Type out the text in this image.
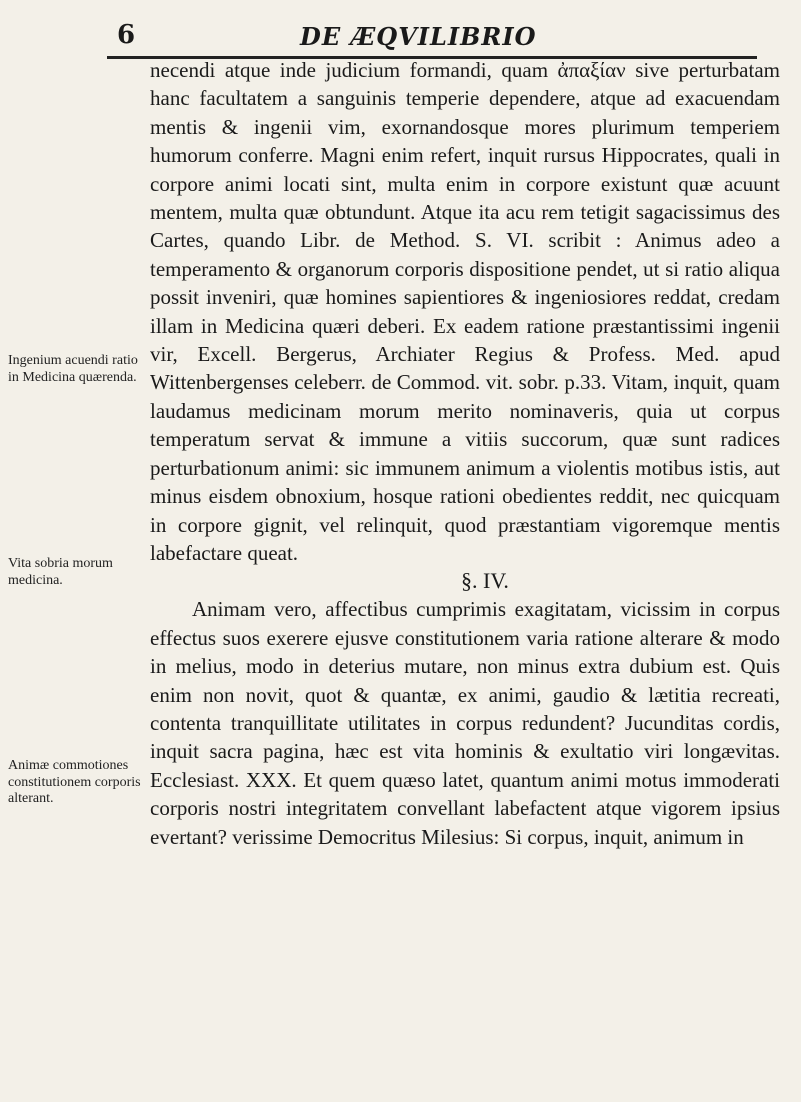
6	DE ÆQVILIBRIO
Ingenium acuendi ratio in Medicina quærenda.
Vita sobria morum medicina.
Animæ commotiones constitutionem corporis alterant.

necendi atque inde judicium formandi, quam ἀπαξίαν sive perturbatam hanc facultatem a sanguinis temperie dependere, atque ad exacuendam mentis & ingenii vim, exornandosque mores plurimum temperiem humorum conferre. Magni enim refert, inquit rursus Hippocrates, quali in corpore animi locati sint, multa enim in corpore existunt quæ acuunt mentem, multa quæ obtundunt. Atque ita acu rem tetigit sagacissimus des Cartes, quando Libr. de Method. S. VI. scribit : Animus adeo a temperamento & organorum corporis dispositione pendet, ut si ratio aliqua possit inveniri, quæ homines sapientiores & ingeniosiores reddat, credam illam in Medicina quæri deberi. Ex eadem ratione præstantissimi ingenii vir, Excell. Bergerus, Archiater Regius & Profess. Med. apud Wittenbergenses celeberr. de Commod. vit. sobr. p.33. Vitam, inquit, quam laudamus medicinam morum merito nominaveris, quia ut corpus temperatum servat & immune a vitiis succorum, quæ sunt radices perturbationum animi: sic immunem animum a violentis motibus istis, aut minus eisdem obnoxium, hosque rationi obedientes reddit, nec quicquam in corpore gignit, vel relinquit, quod præstantiam vigoremque mentis labefactare queat.

§. IV.

Animam vero, affectibus cumprimis exagitatam, vicissim in corpus effectus suos exerere ejusve constitutionem varia ratione alterare & modo in melius, modo in deterius mutare, non minus extra dubium est. Quis enim non novit, quot & quantæ, ex animi, gaudio & lætitia recreati, contenta tranquillitate utilitates in corpus redundent? Jucunditas cordis, inquit sacra pagina, hæc est vita hominis & exultatio viri longævitas. Ecclesiast. XXX. Et quem quæso latet, quantum animi motus immoderati corporis nostri integritatem convellant labefactent atque vigorem ipsius evertant? verissime Democritus Milesius: Si corpus, inquit, animum in
